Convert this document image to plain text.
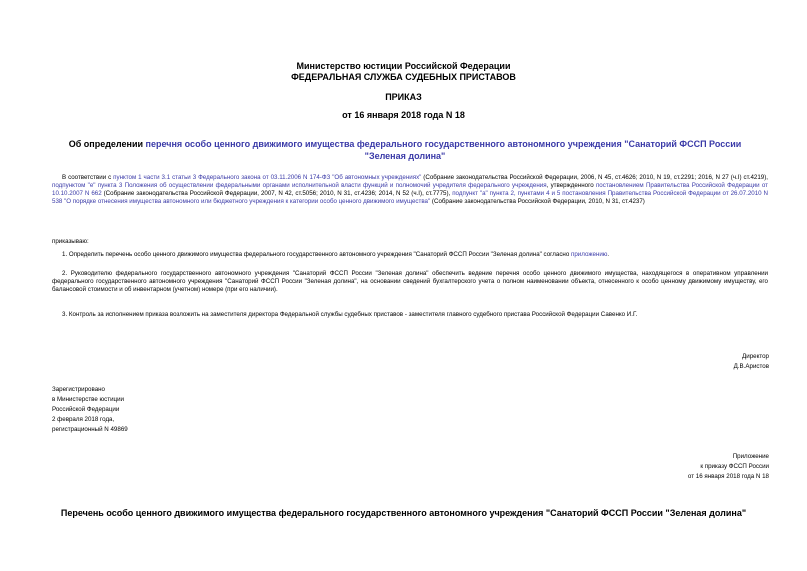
Министерство юстиции Российской Федерации
ФЕДЕРАЛЬНАЯ СЛУЖБА СУДЕБНЫХ ПРИСТАВОВ
ПРИКАЗ
от 16 января 2018 года N 18
Об определении перечня особо ценного движимого имущества федерального государственного автономного учреждения "Санаторий ФССП России "Зеленая долина"
В соответствии с пунктом 1 части 3.1 статьи 3 Федерального закона от 03.11.2006 N 174-ФЗ "Об автономных учреждениях" (Собрание законодательства Российской Федерации, 2006, N 45, ст.4626; 2010, N 19, ст.2291; 2016, N 27 (ч.I) ст.4219), подпунктом "е" пункта 3 Положения об осуществлении федеральными органами исполнительной власти функций и полномочий учредителя федерального учреждения, утвержденного постановлением Правительства Российской Федерации от 10.10.2007 N 662 (Собрание законодательства Российской Федерации, 2007, N 42, ст.5056; 2010, N 31, ст.4236; 2014, N 52 (ч.I), ст.7775), подпункт "а" пункта 2, пунктами 4 и 5 постановления Правительства Российской Федерации от 26.07.2010 N 538 "О порядке отнесения имущества автономного или бюджетного учреждения к категории особо ценного движимого имущества" (Собрание законодательства Российской Федерации, 2010, N 31, ст.4237)
приказываю:
1. Определить перечень особо ценного движимого имущества федерального государственного автономного учреждения "Санаторий ФССП России "Зеленая долина" согласно приложению.
2. Руководителю федерального государственного автономного учреждения "Санаторий ФССП России "Зеленая долина" обеспечить ведение перечня особо ценного движимого имущества, находящегося в оперативном управлении федерального государственного автономного учреждения "Санаторий ФССП России "Зеленая долина", на основании сведений бухгалтерского учета о полном наименовании объекта, отнесенного к особо ценному движимому имуществу, его балансовой стоимости и об инвентарном (учетном) номере (при его наличии).
3. Контроль за исполнением приказа возложить на заместителя директора Федеральной службы судебных приставов - заместителя главного судебного пристава Российской Федерации Савенко И.Г.
Директор
Д.В.Аристов
Зарегистрировано
в Министерстве юстиции
Российской Федерации
2 февраля 2018 года,
регистрационный N 49869
Приложение
к приказу ФССП России
от 16 января 2018 года N 18
Перечень особо ценного движимого имущества федерального государственного автономного учреждения "Санаторий ФССП России "Зеленая долина"
